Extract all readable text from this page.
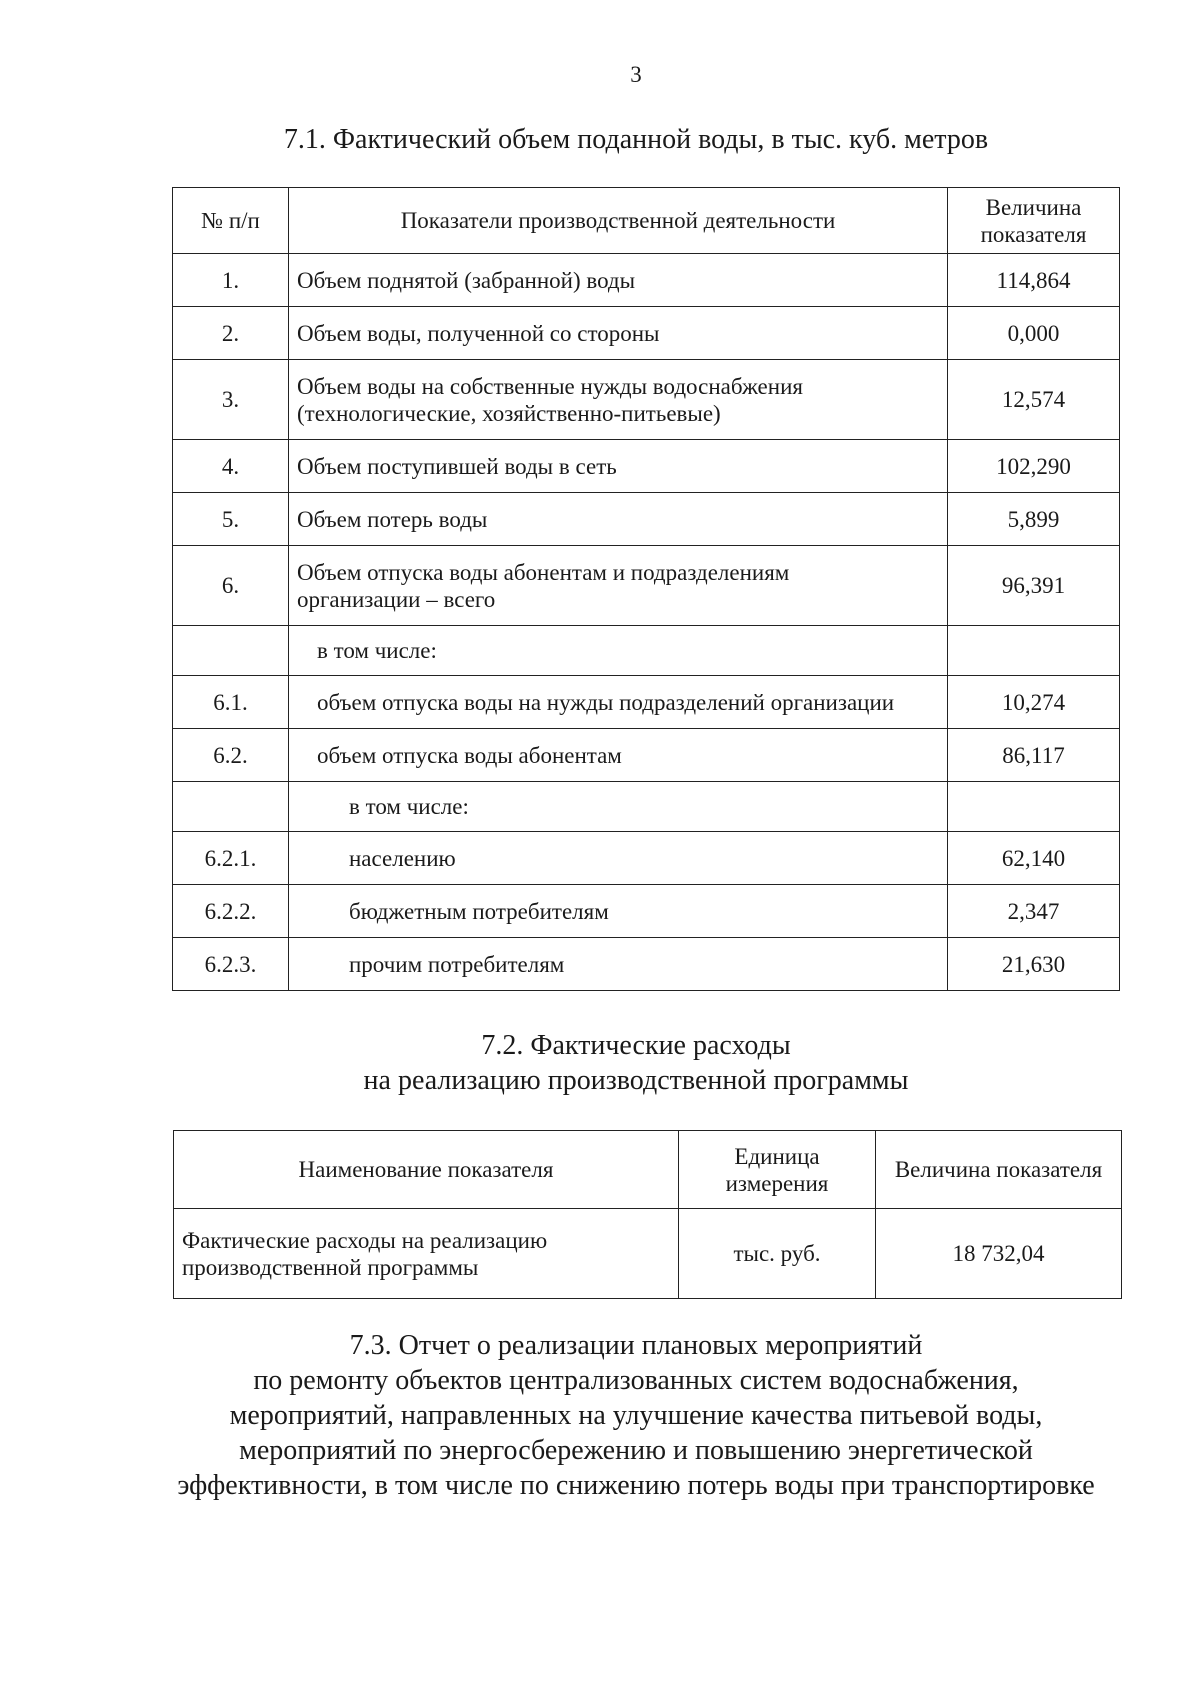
3
7.1. Фактический объем поданной воды, в тыс. куб. метров
№ п/п	Показатели производственной деятельности	Величина
показателя
1.	Объем поднятой (забранной) воды	114,864
2.	Объем воды, полученной со стороны	0,000
3.	Объем воды на собственные нужды водоснабжения
(технологические, хозяйственно-питьевые)	12,574
4.	Объем поступившей воды в сеть	102,290
5.	Объем потерь воды	5,899
6.	Объем отпуска воды абонентам и подразделениям
организации – всего	96,391
	в том числе:	
6.1.	объем отпуска воды на нужды подразделений организации	10,274
6.2.	объем отпуска воды абонентам	86,117
	в том числе:	
6.2.1.	населению	62,140
6.2.2.	бюджетным потребителям	2,347
6.2.3.	прочим потребителям	21,630
7.2. Фактические расходы
на реализацию производственной программы
Наименование показателя	Единица
измерения	Величина показателя
Фактические расходы на реализацию
производственной программы	тыс. руб.	18 732,04
7.3. Отчет о реализации плановых мероприятий
по ремонту объектов централизованных систем водоснабжения,
мероприятий, направленных на улучшение качества питьевой воды,
мероприятий по энергосбережению и повышению энергетической
эффективности, в том числе по снижению потерь воды при транспортировке
